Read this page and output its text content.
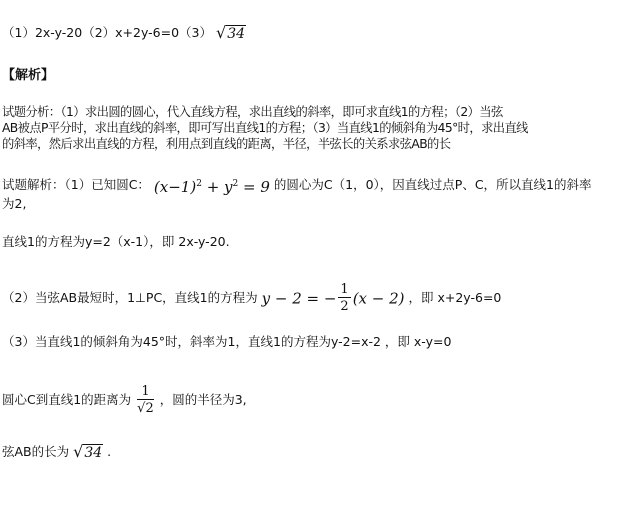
（1）2x-y-20（2）x+2y-6=0（3） √34
【解析】
试题分析：（1）求出圆的圆心，代入直线方程，求出直线的斜率，即可求直线1的方程；（2）当弦
AB被点P平分时，求出直线的斜率，即可写出直线1的方程；（3）当直线1的倾斜角为45°时，求出直线
的斜率，然后求出直线的方程，利用点到直线的距离，半径，半弦长的关系求弦AB的长
试题解析：（1）已知圆C： $(x-1)^2 + y^2 = 9$ 的圆心为C（1，0），因直线过点P、C，所以直线1的斜率
为2,
直线1的方程为y=2（x-1），即 2x-y-20.
（2）当弦AB最短时，1⊥PC，直线1的方程为 y − 2 = − $\frac{1}{2} (x - 2)$ ，即 x+2y-6=0
（3）当直线1的倾斜角为45°时，斜率为1，直线1的方程为y-2=x-2 ，即 x-y=0
圆心C到直线1的距离为 $\frac{1}{√2}$ ，圆的半径为3,
弦AB的长为 √34 .
